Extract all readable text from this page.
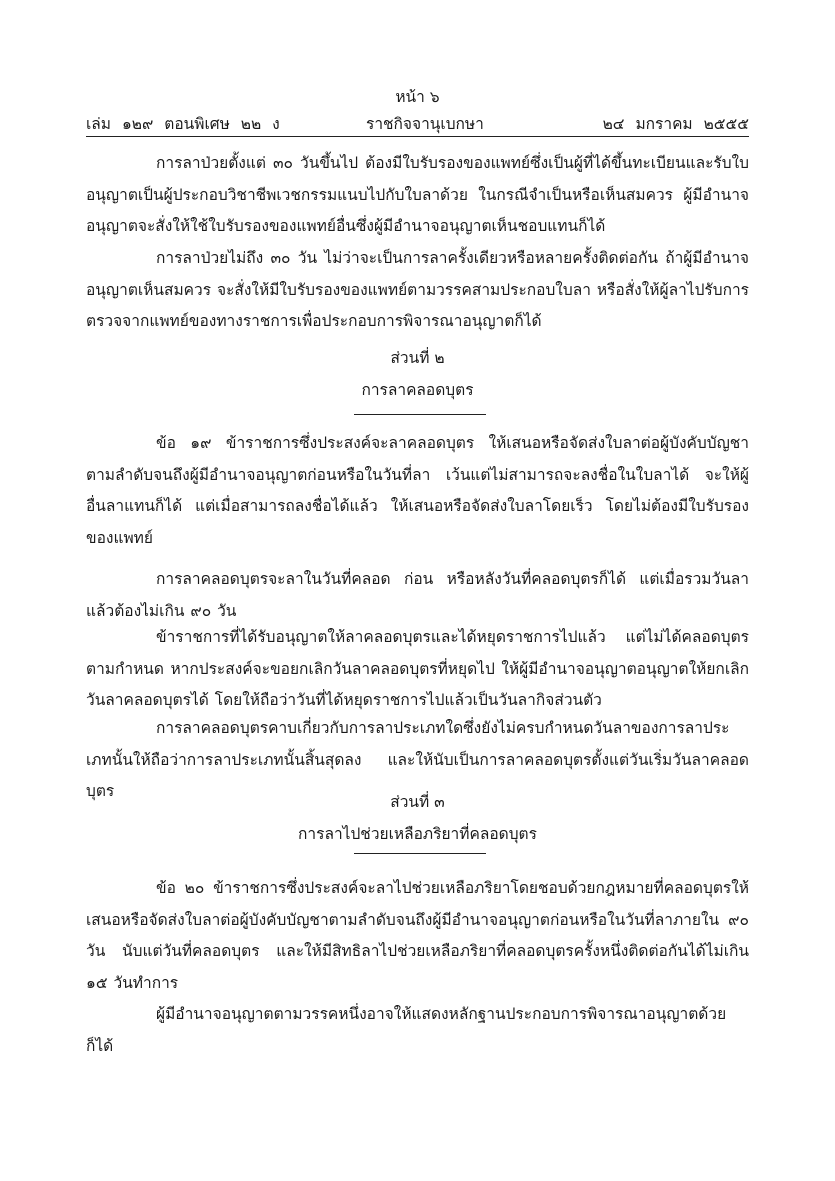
หน้า ๖
เล่ม ๑๒๙ ตอนพิเศษ ๒๒ ง	ราชกิจจานุเบกษา	๒๔ มกราคม ๒๕๕๕

การลาป่วยตั้งแต่ ๓๐ วันขึ้นไป ต้องมีใบรับรองของแพทย์ซึ่งเป็นผู้ที่ได้ขึ้นทะเบียนและรับใบอนุญาตเป็นผู้ประกอบวิชาชีพเวชกรรมแนบไปกับใบลาด้วย ในกรณีจำเป็นหรือเห็นสมควร ผู้มีอำนาจอนุญาตจะสั่งให้ใช้ใบรับรองของแพทย์อื่นซึ่งผู้มีอำนาจอนุญาตเห็นชอบแทนก็ได้

การลาป่วยไม่ถึง ๓๐ วัน ไม่ว่าจะเป็นการลาครั้งเดียวหรือหลายครั้งติดต่อกัน ถ้าผู้มีอำนาจอนุญาตเห็นสมควร จะสั่งให้มีใบรับรองของแพทย์ตามวรรคสามประกอบใบลา หรือสั่งให้ผู้ลาไปรับการตรวจจากแพทย์ของทางราชการเพื่อประกอบการพิจารณาอนุญาตก็ได้

ส่วนที่ ๒

การลาคลอดบุตร

ข้อ ๑๙ ข้าราชการซึ่งประสงค์จะลาคลอดบุตร ให้เสนอหรือจัดส่งใบลาต่อผู้บังคับบัญชาตามลำดับจนถึงผู้มีอำนาจอนุญาตก่อนหรือในวันที่ลา เว้นแต่ไม่สามารถจะลงชื่อในใบลาได้ จะให้ผู้อื่นลาแทนก็ได้ แต่เมื่อสามารถลงชื่อได้แล้ว ให้เสนอหรือจัดส่งใบลาโดยเร็ว โดยไม่ต้องมีใบรับรองของแพทย์

การลาคลอดบุตรจะลาในวันที่คลอด ก่อน หรือหลังวันที่คลอดบุตรก็ได้ แต่เมื่อรวมวันลาแล้วต้องไม่เกิน ๙๐ วัน

ข้าราชการที่ได้รับอนุญาตให้ลาคลอดบุตรและได้หยุดราชการไปแล้ว แต่ไม่ได้คลอดบุตรตามกำหนด หากประสงค์จะขอยกเลิกวันลาคลอดบุตรที่หยุดไป ให้ผู้มีอำนาจอนุญาตอนุญาตให้ยกเลิกวันลาคลอดบุตรได้ โดยให้ถือว่าวันที่ได้หยุดราชการไปแล้วเป็นวันลากิจส่วนตัว

การลาคลอดบุตรคาบเกี่ยวกับการลาประเภทใดซึ่งยังไม่ครบกำหนดวันลาของการลาประเภทนั้นให้ถือว่าการลาประเภทนั้นสิ้นสุดลง และให้นับเป็นการลาคลอดบุตรตั้งแต่วันเริ่มวันลาคลอดบุตร

ส่วนที่ ๓

การลาไปช่วยเหลือภริยาที่คลอดบุตร

ข้อ ๒๐ ข้าราชการซึ่งประสงค์จะลาไปช่วยเหลือภริยาโดยชอบด้วยกฎหมายที่คลอดบุตรให้เสนอหรือจัดส่งใบลาต่อผู้บังคับบัญชาตามลำดับจนถึงผู้มีอำนาจอนุญาตก่อนหรือในวันที่ลาภายใน ๙๐ วัน นับแต่วันที่คลอดบุตร และให้มีสิทธิลาไปช่วยเหลือภริยาที่คลอดบุตรครั้งหนึ่งติดต่อกันได้ไม่เกิน ๑๕ วันทำการ

ผู้มีอำนาจอนุญาตตามวรรคหนึ่งอาจให้แสดงหลักฐานประกอบการพิจารณาอนุญาตด้วยก็ได้
